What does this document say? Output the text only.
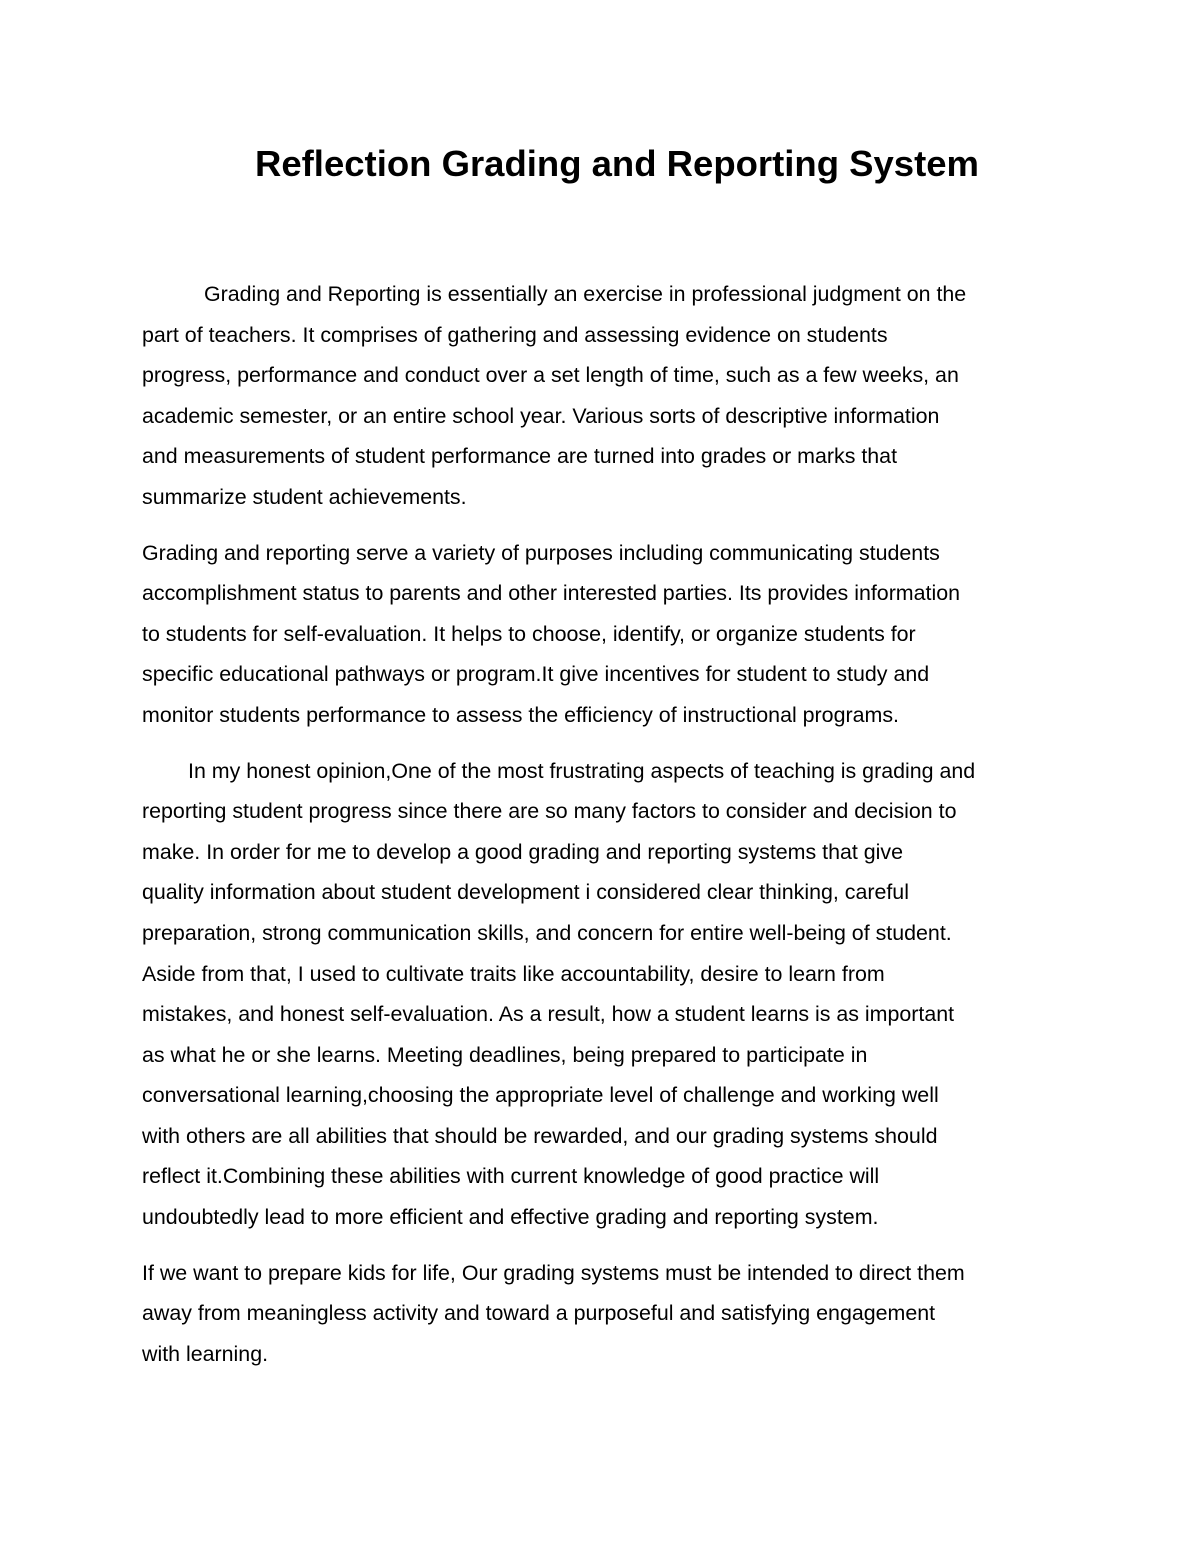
Reflection Grading and Reporting System

Grading and Reporting is essentially an exercise in professional judgment on the
part of teachers. It comprises of gathering and assessing evidence on students
progress, performance and conduct over a set length of time, such as a few weeks, an
academic semester, or an entire school year. Various sorts of descriptive information
and measurements of student performance are turned into grades or marks that
summarize student achievements.

Grading and reporting serve a variety of purposes including communicating students
accomplishment status to parents and other interested parties. Its provides information
to students for self-evaluation. It helps to choose, identify, or organize students for
specific educational pathways or program.It give incentives for student to study and
monitor students performance to assess the efficiency of instructional programs.

In my honest opinion,One of the most frustrating aspects of teaching is grading and
reporting student progress since there are so many factors to consider and decision to
make. In order for me to develop a good grading and reporting systems that give
quality information about student development i considered clear thinking, careful
preparation, strong communication skills, and concern for entire well-being of student.
Aside from that, I used to cultivate traits like accountability, desire to learn from
mistakes, and honest self-evaluation. As a result, how a student learns is as important
as what he or she learns. Meeting deadlines, being prepared to participate in
conversational learning,choosing the appropriate level of challenge and working well
with others are all abilities that should be rewarded, and our grading systems should
reflect it.Combining these abilities with current knowledge of good practice will
undoubtedly lead to more efficient and effective grading and reporting system.

If we want to prepare kids for life, Our grading systems must be intended to direct them
away from meaningless activity and toward a purposeful and satisfying engagement
with learning.
